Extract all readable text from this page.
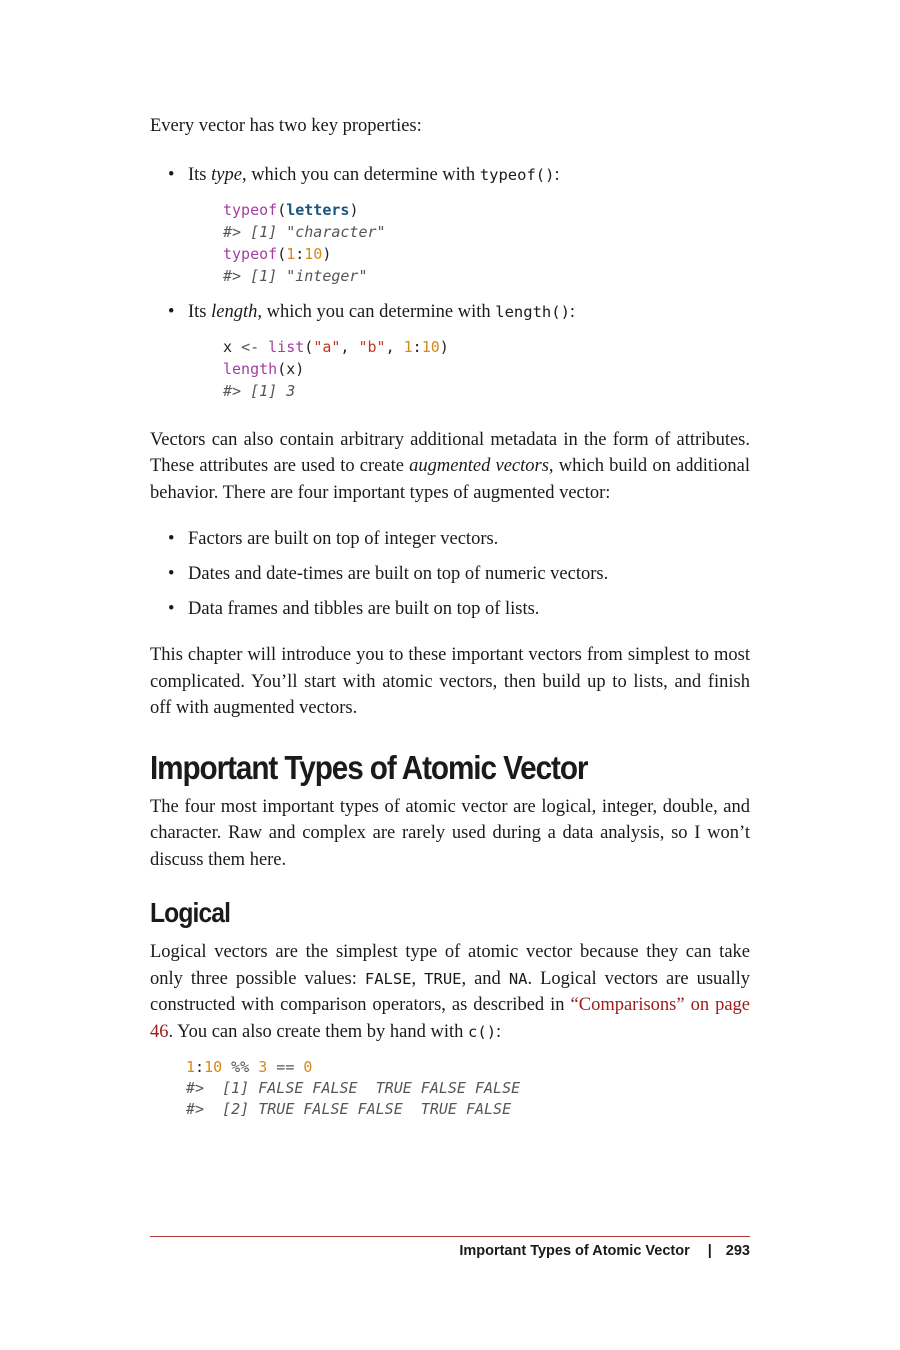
Every vector has two key properties:

• Its type, which you can determine with typeof():
typeof(letters)
#> [1] "character"
typeof(1:10)
#> [1] "integer"
• Its length, which you can determine with length():
x <- list("a", "b", 1:10)
length(x)
#> [1] 3

Vectors can also contain arbitrary additional metadata in the form of attributes. These attributes are used to create augmented vectors, which build on additional behavior. There are four important types of augmented vector:

• Factors are built on top of integer vectors.
• Dates and date-times are built on top of numeric vectors.
• Data frames and tibbles are built on top of lists.

This chapter will introduce you to these important vectors from simplest to most complicated. You’ll start with atomic vectors, then build up to lists, and finish off with augmented vectors.

Important Types of Atomic Vector

The four most important types of atomic vector are logical, integer, double, and character. Raw and complex are rarely used during a data analysis, so I won’t discuss them here.

Logical

Logical vectors are the simplest type of atomic vector because they can take only three possible values: FALSE, TRUE, and NA. Logical vectors are usually constructed with comparison operators, as described in “Comparisons” on page 46. You can also create them by hand with c():

1:10 %% 3 == 0
#>  [1] FALSE FALSE  TRUE FALSE FALSE
#>  [2] TRUE FALSE FALSE  TRUE FALSE
Important Types of Atomic Vector | 293
